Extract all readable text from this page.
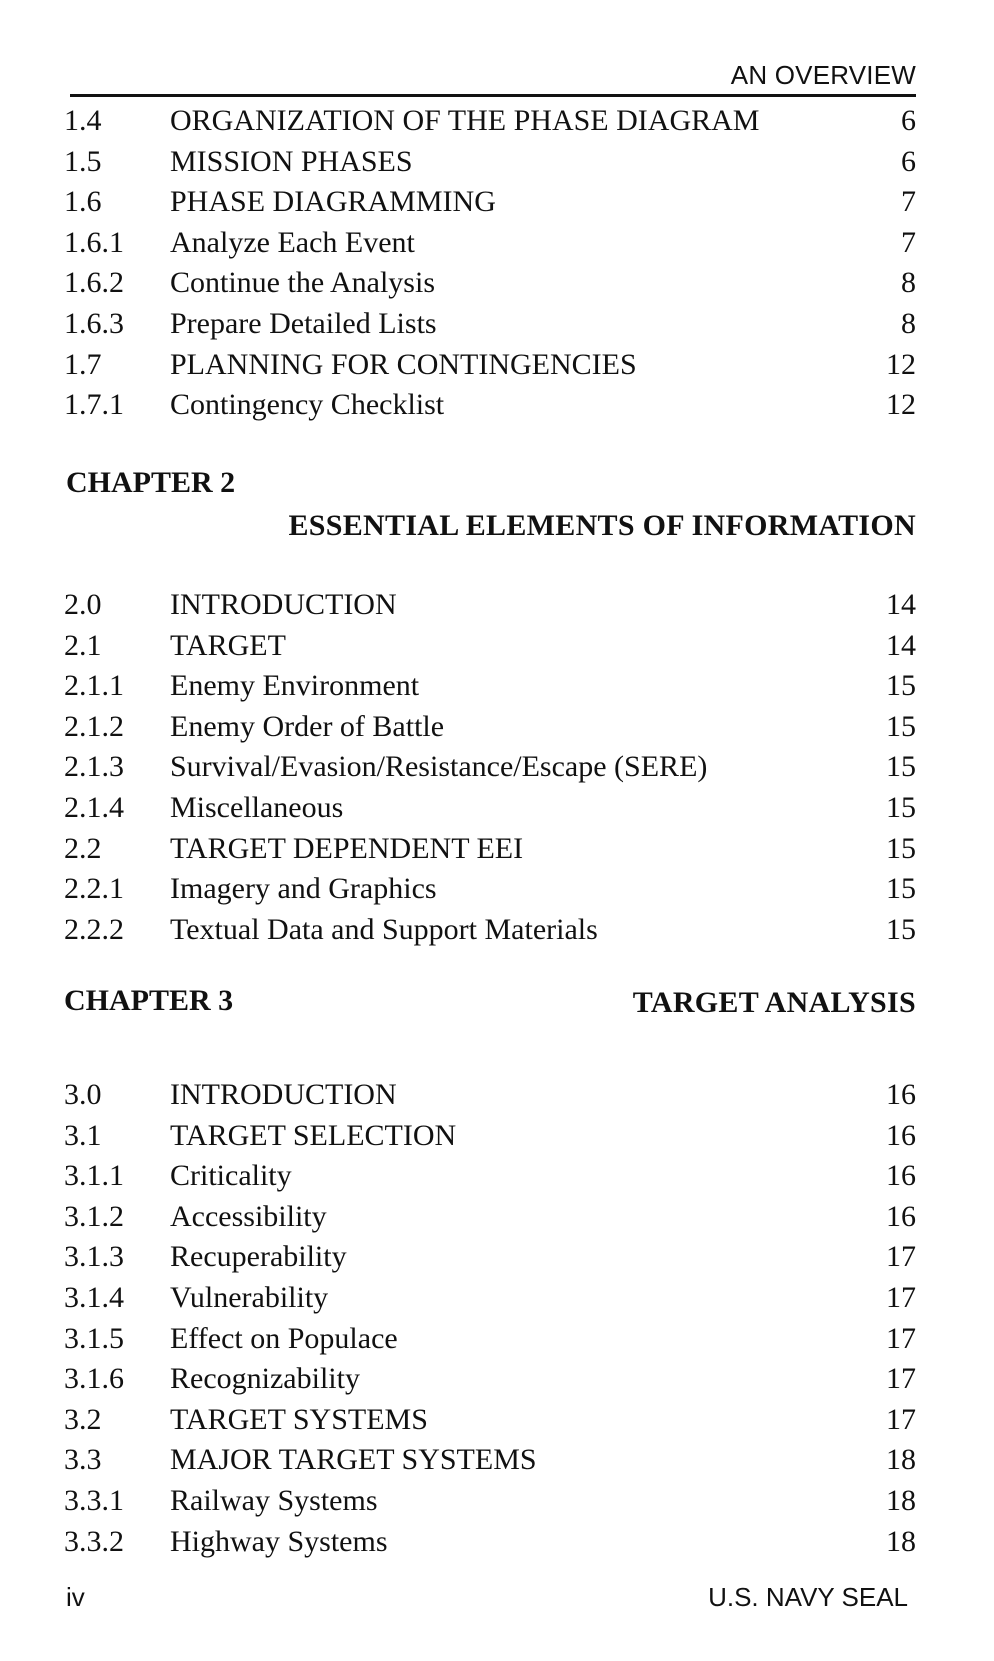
AN OVERVIEW
1.4	ORGANIZATION OF THE PHASE DIAGRAM	6
1.5	MISSION PHASES	6
1.6	PHASE DIAGRAMMING	7
1.6.1	Analyze Each Event	7
1.6.2	Continue the Analysis	8
1.6.3	Prepare Detailed Lists	8
1.7	PLANNING FOR CONTINGENCIES	12
1.7.1	Contingency Checklist	12
CHAPTER 2
ESSENTIAL ELEMENTS OF INFORMATION
2.0	INTRODUCTION	14
2.1	TARGET	14
2.1.1	Enemy Environment	15
2.1.2	Enemy Order of Battle	15
2.1.3	Survival/Evasion/Resistance/Escape (SERE)	15
2.1.4	Miscellaneous	15
2.2	TARGET DEPENDENT EEI	15
2.2.1	Imagery and Graphics	15
2.2.2	Textual Data and Support Materials	15
CHAPTER 3	TARGET ANALYSIS
3.0	INTRODUCTION	16
3.1	TARGET SELECTION	16
3.1.1	Criticality	16
3.1.2	Accessibility	16
3.1.3	Recuperability	17
3.1.4	Vulnerability	17
3.1.5	Effect on Populace	17
3.1.6	Recognizability	17
3.2	TARGET SYSTEMS	17
3.3	MAJOR TARGET SYSTEMS	18
3.3.1	Railway Systems	18
3.3.2	Highway Systems	18
iv	U.S. NAVY SEAL
